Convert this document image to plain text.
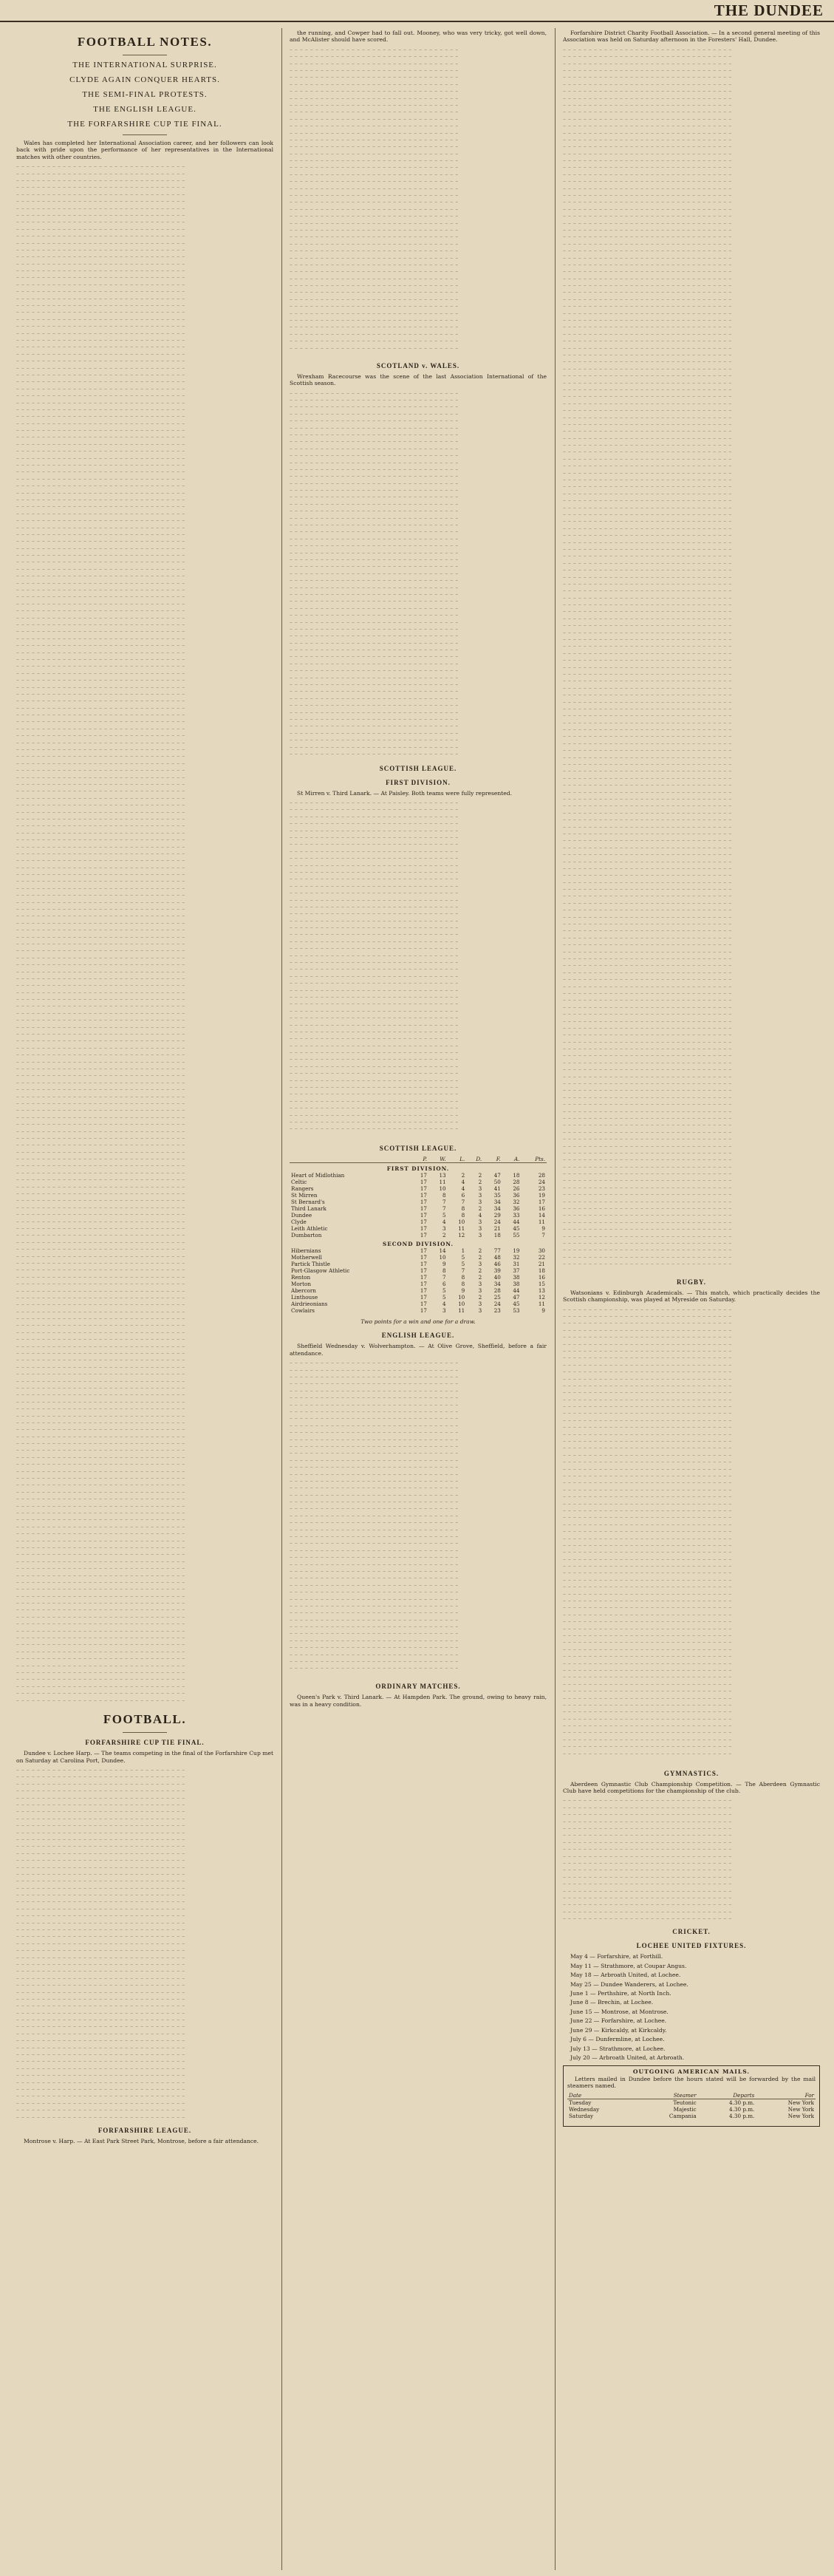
THE DUNDEE
FOOTBALL NOTES.
THE INTERNATIONAL SURPRISE.
CLYDE AGAIN CONQUER HEARTS.
THE SEMI-FINAL PROTESTS.
THE ENGLISH LEAGUE.
THE FORFARSHIRE CUP TIE FINAL.

Wales has completed her International Association career, and her followers can look back with pride upon the performance of her representatives in the International matches with other countries.

– – – – – – – – – – – – – – – – – – – – – – – – – – – – – – – – –
– – – – – – – – – – – – – – – – – – – – – – – – – – – – – – – – –
– – – – – – – – – – – – – – – – – – – – – – – – – – – – – – – – –
– – – – – – – – – – – – – – – – – – – – – – – – – – – – – – – – –
– – – – – – – – – – – – – – – – – – – – – – – – – – – – – – – – –
– – – – – – – – – – – – – – – – – – – – – – – – – – – – – – – – –
– – – – – – – – – – – – – – – – – – – – – – – – – – – – – – – – –
– – – – – – – – – – – – – – – – – – – – – – – – – – – – – – – – –
– – – – – – – – – – – – – – – – – – – – – – – – – – – – – – – – –
– – – – – – – – – – – – – – – – – – – – – – – – – – – – – – – – –
– – – – – – – – – – – – – – – – – – – – – – – – – – – – – – – – –
– – – – – – – – – – – – – – – – – – – – – – – – – – – – – – – – –
– – – – – – – – – – – – – – – – – – – – – – – – – – – – – – – – –
– – – – – – – – – – – – – – – – – – – – – – – – – – – – – – – – –
– – – – – – – – – – – – – – – – – – – – – – – – – – – – – – – – –
– – – – – – – – – – – – – – – – – – – – – – – – – – – – – – – – –
– – – – – – – – – – – – – – – – – – – – – – – – – – – – – – – – –
– – – – – – – – – – – – – – – – – – – – – – – – – – – – – – – – –
– – – – – – – – – – – – – – – – – – – – – – – – – – – – – – – – –
– – – – – – – – – – – – – – – – – – – – – – – – – – – – – – – – –
– – – – – – – – – – – – – – – – – – – – – – – – – – – – – – – – –
– – – – – – – – – – – – – – – – – – – – – – – – – – – – – – – – –
– – – – – – – – – – – – – – – – – – – – – – – – – – – – – – – – –
– – – – – – – – – – – – – – – – – – – – – – – – – – – – – – – – –
– – – – – – – – – – – – – – – – – – – – – – – – – – – – – – – – –
– – – – – – – – – – – – – – – – – – – – – – – – – – – – – – – – –
– – – – – – – – – – – – – – – – – – – – – – – – – – – – – – – – –
– – – – – – – – – – – – – – – – – – – – – – – – – – – – – – – – –
– – – – – – – – – – – – – – – – – – – – – – – – – – – – – – – – –
– – – – – – – – – – – – – – – – – – – – – – – – – – – – – – – – –
– – – – – – – – – – – – – – – – – – – – – – – – – – – – – – – – –
– – – – – – – – – – – – – – – – – – – – – – – – – – – – – – – – –
– – – – – – – – – – – – – – – – – – – – – – – – – – – – – – – – –
– – – – – – – – – – – – – – – – – – – – – – – – – – – – – – – – –
– – – – – – – – – – – – – – – – – – – – – – – – – – – – – – – – –
– – – – – – – – – – – – – – – – – – – – – – – – – – – – – – – – –
– – – – – – – – – – – – – – – – – – – – – – – – – – – – – – – – –
– – – – – – – – – – – – – – – – – – – – – – – – – – – – – – – – –
– – – – – – – – – – – – – – – – – – – – – – – – – – – – – – – – –
– – – – – – – – – – – – – – – – – – – – – – – – – – – – – – – – –
– – – – – – – – – – – – – – – – – – – – – – – – – – – – – – – – –
– – – – – – – – – – – – – – – – – – – – – – – – – – – – – – – – –
– – – – – – – – – – – – – – – – – – – – – – – – – – – – – – – – –
– – – – – – – – – – – – – – – – – – – – – – – – – – – – – – – – –
– – – – – – – – – – – – – – – – – – – – – – – – – – – – – – – – –
– – – – – – – – – – – – – – – – – – – – – – – – – – – – – – – – –
– – – – – – – – – – – – – – – – – – – – – – – – – – – – – – – – –
– – – – – – – – – – – – – – – – – – – – – – – – – – – – – – – – –
– – – – – – – – – – – – – – – – – – – – – – – – – – – – – – – – –
– – – – – – – – – – – – – – – – – – – – – – – – – – – – – – – – –
– – – – – – – – – – – – – – – – – – – – – – – – – – – – – – – – –
– – – – – – – – – – – – – – – – – – – – – – – – – – – – – – – – –
– – – – – – – – – – – – – – – – – – – – – – – – – – – – – – – – –
– – – – – – – – – – – – – – – – – – – – – – – – – – – – – – – – –
– – – – – – – – – – – – – – – – – – – – – – – – – – – – – – – – –
– – – – – – – – – – – – – – – – – – – – – – – – – – – – – – – – –
– – – – – – – – – – – – – – – – – – – – – – – – – – – – – – – – –
– – – – – – – – – – – – – – – – – – – – – – – – – – – – – – – – –
– – – – – – – – – – – – – – – – – – – – – – – – – – – – – – – – –
– – – – – – – – – – – – – – – – – – – – – – – – – – – – – – – – –
– – – – – – – – – – – – – – – – – – – – – – – – – – – – – – – – –
– – – – – – – – – – – – – – – – – – – – – – – – – – – – – – – – –
– – – – – – – – – – – – – – – – – – – – – – – – – – – – – – – – –
– – – – – – – – – – – – – – – – – – – – – – – – – – – – – – – – –
– – – – – – – – – – – – – – – – – – – – – – – – – – – – – – – – –
– – – – – – – – – – – – – – – – – – – – – – – – – – – – – – – – –
– – – – – – – – – – – – – – – – – – – – – – – – – – – – – – – – –
– – – – – – – – – – – – – – – – – – – – – – – – – – – – – – – – –
– – – – – – – – – – – – – – – – – – – – – – – – – – – – – – – – –
– – – – – – – – – – – – – – – – – – – – – – – – – – – – – – – – –
– – – – – – – – – – – – – – – – – – – – – – – – – – – – – – – – –
– – – – – – – – – – – – – – – – – – – – – – – – – – – – – – – – –
– – – – – – – – – – – – – – – – – – – – – – – – – – – – – – – – –
– – – – – – – – – – – – – – – – – – – – – – – – – – – – – – – – –
– – – – – – – – – – – – – – – – – – – – – – – – – – – – – – – – –
– – – – – – – – – – – – – – – – – – – – – – – – – – – – – – – – –
– – – – – – – – – – – – – – – – – – – – – – – – – – – – – – – – –
– – – – – – – – – – – – – – – – – – – – – – – – – – – – – – – – –
– – – – – – – – – – – – – – – – – – – – – – – – – – – – – – – – –
– – – – – – – – – – – – – – – – – – – – – – – – – – – – – – – – –
– – – – – – – – – – – – – – – – – – – – – – – – – – – – – – – – –
– – – – – – – – – – – – – – – – – – – – – – – – – – – – – – – – –
– – – – – – – – – – – – – – – – – – – – – – – – – – – – – – – – –
– – – – – – – – – – – – – – – – – – – – – – – – – – – – – – – – –
– – – – – – – – – – – – – – – – – – – – – – – – – – – – – – – – –
– – – – – – – – – – – – – – – – – – – – – – – – – – – – – – – – –
– – – – – – – – – – – – – – – – – – – – – – – – – – – – – – – – –
– – – – – – – – – – – – – – – – – – – – – – – – – – – – – – – – –
– – – – – – – – – – – – – – – – – – – – – – – – – – – – – – – – –
– – – – – – – – – – – – – – – – – – – – – – – – – – – – – – – – –
– – – – – – – – – – – – – – – – – – – – – – – – – – – – – – – – –
– – – – – – – – – – – – – – – – – – – – – – – – – – – – – – – – –
– – – – – – – – – – – – – – – – – – – – – – – – – – – – – – – – –
– – – – – – – – – – – – – – – – – – – – – – – – – – – – – – – – –
– – – – – – – – – – – – – – – – – – – – – – – – – – – – – – – – –
– – – – – – – – – – – – – – – – – – – – – – – – – – – – – – – – –
– – – – – – – – – – – – – – – – – – – – – – – – – – – – – – – – –
– – – – – – – – – – – – – – – – – – – – – – – – – – – – – – – – –
– – – – – – – – – – – – – – – – – – – – – – – – – – – – – – – – –
– – – – – – – – – – – – – – – – – – – – – – – – – – – – – – – – –
– – – – – – – – – – – – – – – – – – – – – – – – – – – – – – – – –
– – – – – – – – – – – – – – – – – – – – – – – – – – – – – – – – –
– – – – – – – – – – – – – – – – – – – – – – – – – – – – – – – – –
– – – – – – – – – – – – – – – – – – – – – – – – – – – – – – – – –
– – – – – – – – – – – – – – – – – – – – – – – – – – – – – – – – –
– – – – – – – – – – – – – – – – – – – – – – – – – – – – – – – – –
– – – – – – – – – – – – – – – – – – – – – – – – – – – – – – – – –
– – – – – – – – – – – – – – – – – – – – – – – – – – – – – – – – –
– – – – – – – – – – – – – – – – – – – – – – – – – – – – – – – – –
– – – – – – – – – – – – – – – – – – – – – – – – – – – – – – – – –
– – – – – – – – – – – – – – – – – – – – – – – – – – – – – – – – –
– – – – – – – – – – – – – – – – – – – – – – – – – – – – – – – – –
– – – – – – – – – – – – – – – – – – – – – – – – – – – – – – – – –
– – – – – – – – – – – – – – – – – – – – – – – – – – – – – – – – –
– – – – – – – – – – – – – – – – – – – – – – – – – – – – – – – – –
– – – – – – – – – – – – – – – – – – – – – – – – – – – – – – – – –
– – – – – – – – – – – – – – – – – – – – – – – – – – – – – – – – –
– – – – – – – – – – – – – – – – – – – – – – – – – – – – – – – – –
– – – – – – – – – – – – – – – – – – – – – – – – – – – – – – – – –
– – – – – – – – – – – – – – – – – – – – – – – – – – – – – – – – –
– – – – – – – – – – – – – – – – – – – – – – – – – – – – – – – – –
– – – – – – – – – – – – – – – – – – – – – – – – – – – – – – – – –
– – – – – – – – – – – – – – – – – – – – – – – – – – – – – – – – –
– – – – – – – – – – – – – – – – – – – – – – – – – – – – – – – – –
– – – – – – – – – – – – – – – – – – – – – – – – – – – – – – – – –
– – – – – – – – – – – – – – – – – – – – – – – – – – – – – – – – –
– – – – – – – – – – – – – – – – – – – – – – – – – – – – – – – – –
– – – – – – – – – – – – – – – – – – – – – – – – – – – – – – – – –
– – – – – – – – – – – – – – – – – – – – – – – – – – – – – – – – –
– – – – – – – – – – – – – – – – – – – – – – – – – – – – – – – – –
– – – – – – – – – – – – – – – – – – – – – – – – – – – – – – – – –
– – – – – – – – – – – – – – – – – – – – – – – – – – – – – – – – –
– – – – – – – – – – – – – – – – – – – – – – – – – – – – – – – – –
– – – – – – – – – – – – – – – – – – – – – – – – – – – – – – – – –
– – – – – – – – – – – – – – – – – – – – – – – – – – – – – – – – –
– – – – – – – – – – – – – – – – – – – – – – – – – – – – – – – – –
– – – – – – – – – – – – – – – – – – – – – – – – – – – – – – – – –
– – – – – – – – – – – – – – – – – – – – – – – – – – – – – – – – –
– – – – – – – – – – – – – – – – – – – – – – – – – – – – – – – – –
– – – – – – – – – – – – – – – – – – – – – – – – – – – – – – – – –
– – – – – – – – – – – – – – – – – – – – – – – – – – – – – – – – –
– – – – – – – – – – – – – – – – – – – – – – – – – – – – – – – – –
– – – – – – – – – – – – – – – – – – – – – – – – – – – – – – – – –
– – – – – – – – – – – – – – – – – – – – – – – – – – – – – – – – –
– – – – – – – – – – – – – – – – – – – – – – – – – – – – – – – – –
– – – – – – – – – – – – – – – – – – – – – – – – – – – – – – – – –
– – – – – – – – – – – – – – – – – – – – – – – – – – – – – – – – –
– – – – – – – – – – – – – – – – – – – – – – – – – – – – – – – – –
– – – – – – – – – – – – – – – – – – – – – – – – – – – – – – – – –
– – – – – – – – – – – – – – – – – – – – – – – – – – – – – – – – –
– – – – – – – – – – – – – – – – – – – – – – – – – – – – – – – – –
– – – – – – – – – – – – – – – – – – – – – – – – – – – – – – – – –
– – – – – – – – – – – – – – – – – – – – – – – – – – – – – – – – –
– – – – – – – – – – – – – – – – – – – – – – – – – – – – – – – – –
– – – – – – – – – – – – – – – – – – – – – – – – – – – – – – – – –
– – – – – – – – – – – – – – – – – – – – – – – – – – – – – – – – –
– – – – – – – – – – – – – – – – – – – – – – – – – – – – – – – – –
– – – – – – – – – – – – – – – – – – – – – – – – – – – – – – – – –
– – – – – – – – – – – – – – – – – – – – – – – – – – – – – – – – –
– – – – – – – – – – – – – – – – – – – – – – – – – – – – – – – – –
– – – – – – – – – – – – – – – – – – – – – – – – – – – – – – – – –
– – – – – – – – – – – – – – – – – – – – – – – – – – – – – – – – –
– – – – – – – – – – – – – – – – – – – – – – – – – – – – – – – – –
– – – – – – – – – – – – – – – – – – – – – – – – – – – – – – – – –
– – – – – – – – – – – – – – – – – – – – – – – – – – – – – – – – –
– – – – – – – – – – – – – – – – – – – – – – – – – – – – – – – – –
– – – – – – – – – – – – – – – – – – – – – – – – – – – – – – – – –
– – – – – – – – – – – – – – – – – – – – – – – – – – – – – – – – –
– – – – – – – – – – – – – – – – – – – – – – – – – – – – – – – – –
– – – – – – – – – – – – – – – – – – – – – – – – – – – – – – – – –
– – – – – – – – – – – – – – – – – – – – – – – – – – – – – – – – –
– – – – – – – – – – – – – – – – – – – – – – – – – – – – – – – – –
– – – – – – – – – – – – – – – – – – – – – – – – – – – – – – – – –
– – – – – – – – – – – – – – – – – – – – – – – – – – – – – – – – –
– – – – – – – – – – – – – – – – – – – – – – – – – – – – – – – – –
– – – – – – – – – – – – – – – – – – – – – – – – – – – – – – – – –
– – – – – – – – – – – – – – – – – – – – – – – – – – – – – – – – –
– – – – – – – – – – – – – – – – – – – – – – – – – – – – – – – – –
– – – – – – – – – – – – – – – – – – – – – – – – – – – – – – – – –
– – – – – – – – – – – – – – – – – – – – – – – – – – – – – – – – –
– – – – – – – – – – – – – – – – – – – – – – – – – – – – – – – – –
– – – – – – – – – – – – – – – – – – – – – – – – – – – – – – – – –
– – – – – – – – – – – – – – – – – – – – – – – – – – – – – – – – –
– – – – – – – – – – – – – – – – – – – – – – – – – – – – – – – – –
– – – – – – – – – – – – – – – – – – – – – – – – – – – – – – – – –
– – – – – – – – – – – – – – – – – – – – – – – – – – – – – – – – –
– – – – – – – – – – – – – – – – – – – – – – – – – – – – – – – – –
– – – – – – – – – – – – – – – – – – – – – – – – – – – – – – – – –
– – – – – – – – – – – – – – – – – – – – – – – – – – – – – – – – –
– – – – – – – – – – – – – – – – – – – – – – – – – – – – – – – – –
– – – – – – – – – – – – – – – – – – – – – – – – – – – – – – – – –
– – – – – – – – – – – – – – – – – – – – – – – – – – – – – – – – –
– – – – – – – – – – – – – – – – – – – – – – – – – – – – – – – – –
– – – – – – – – – – – – – – – – – – – – – – – – – – – – – – – – –
– – – – – – – – – – – – – – – – – – – – – – – – – – – – – – – – –
– – – – – – – – – – – – – – – – – – – – – – – – – – – – – – – – –
– – – – – – – – – – – – – – – – – – – – – – – – – – – – – – – – –
– – – – – – – – – – – – – – – – – – – – – – – – – – – – – – – – –
– – – – – – – – – – – – – – – – – – – – – – – – – – – – – – – – –
– – – – – – – – – – – – – – – – – – – – – – – – – – – – – – – – –
– – – – – – – – – – – – – – – – – – – – – – – – – – – – – – – – –
– – – – – – – – – – – – – – – – – – – – – – – – – – – – – – – – –
– – – – – – – – – – – – – – – – – – – – – – – – – – – – – – – – –
– – – – – – – – – – – – – – – – – – – – – – – – – – – – – – – – –
– – – – – – – – – – – – – – – – – – – – – – – – – – – – – – – – –
– – – – – – – – – – – – – – – – – – – – – – – – – – – – – – – – –
– – – – – – – – – – – – – – – – – – – – – – – – – – – – – – – – –
– – – – – – – – – – – – – – – – – – – – – – – – – – – – – – – – –
– – – – – – – – – – – – – – – – – – – – – – – – – – – – – – – – –
– – – – – – – – – – – – – – – – – – – – – – – – – – – – – – – – –
– – – – – – – – – – – – – – – – – – – – – – – – – – – – – – – – –
– – – – – – – – – – – – – – – – – – – – – – – – – – – – – – – – –
– – – – – – – – – – – – – – – – – – – – – – – – – – – – – – – – –
– – – – – – – – – – – – – – – – – – – – – – – – – – – – – – – – –
– – – – – – – – – – – – – – – – – – – – – – – – – – – – – – – – –
– – – – – – – – – – – – – – – – – – – – – – – – – – – – – – – – –
– – – – – – – – – – – – – – – – – – – – – – – – – – – – – – – – –
– – – – – – – – – – – – – – – – – – – – – – – – – – – – – – – – –
– – – – – – – – – – – – – – – – – – – – – – – – – – – – – – – – –
– – – – – – – – – – – – – – – – – – – – – – – – – – – – – – – – –
– – – – – – – – – – – – – – – – – – – – – – – – – – – – – – – – –
– – – – – – – – – – – – – – – – – – – – – – – – – – – – – – – – –
FOOTBALL.
FORFARSHIRE CUP TIE FINAL.

Dundee v. Lochee Harp. — The teams competing in the final of the Forfarshire Cup met on Saturday at Carolina Port, Dundee.

– – – – – – – – – – – – – – – – – – – – – – – – – – – – – – – – –
– – – – – – – – – – – – – – – – – – – – – – – – – – – – – – – – –
– – – – – – – – – – – – – – – – – – – – – – – – – – – – – – – – –
– – – – – – – – – – – – – – – – – – – – – – – – – – – – – – – – –
– – – – – – – – – – – – – – – – – – – – – – – – – – – – – – – – –
– – – – – – – – – – – – – – – – – – – – – – – – – – – – – – – – –
– – – – – – – – – – – – – – – – – – – – – – – – – – – – – – – – –
– – – – – – – – – – – – – – – – – – – – – – – – – – – – – – – – –
– – – – – – – – – – – – – – – – – – – – – – – – – – – – – – – – –
– – – – – – – – – – – – – – – – – – – – – – – – – – – – – – – – –
– – – – – – – – – – – – – – – – – – – – – – – – – – – – – – – – –
– – – – – – – – – – – – – – – – – – – – – – – – – – – – – – – – –
– – – – – – – – – – – – – – – – – – – – – – – – – – – – – – – – –
– – – – – – – – – – – – – – – – – – – – – – – – – – – – – – – – –
– – – – – – – – – – – – – – – – – – – – – – – – – – – – – – – – –
– – – – – – – – – – – – – – – – – – – – – – – – – – – – – – – – –
– – – – – – – – – – – – – – – – – – – – – – – – – – – – – – – – –
– – – – – – – – – – – – – – – – – – – – – – – – – – – – – – – – –
– – – – – – – – – – – – – – – – – – – – – – – – – – – – – – – – –
– – – – – – – – – – – – – – – – – – – – – – – – – – – – – – – – –
– – – – – – – – – – – – – – – – – – – – – – – – – – – – – – – – –
– – – – – – – – – – – – – – – – – – – – – – – – – – – – – – – – –
– – – – – – – – – – – – – – – – – – – – – – – – – – – – – – – – –
– – – – – – – – – – – – – – – – – – – – – – – – – – – – – – – – –
– – – – – – – – – – – – – – – – – – – – – – – – – – – – – – – – –
– – – – – – – – – – – – – – – – – – – – – – – – – – – – – – – – –
– – – – – – – – – – – – – – – – – – – – – – – – – – – – – – – – –
– – – – – – – – – – – – – – – – – – – – – – – – – – – – – – – – –
– – – – – – – – – – – – – – – – – – – – – – – – – – – – – – – – –
– – – – – – – – – – – – – – – – – – – – – – – – – – – – – – – – –
– – – – – – – – – – – – – – – – – – – – – – – – – – – – – – – – –
– – – – – – – – – – – – – – – – – – – – – – – – – – – – – – – – –
– – – – – – – – – – – – – – – – – – – – – – – – – – – – – – – – –
– – – – – – – – – – – – – – – – – – – – – – – – – – – – – – – – –
– – – – – – – – – – – – – – – – – – – – – – – – – – – – – – – – –
– – – – – – – – – – – – – – – – – – – – – – – – – – – – – – – – –
– – – – – – – – – – – – – – – – – – – – – – – – – – – – – – – – –
– – – – – – – – – – – – – – – – – – – – – – – – – – – – – – – – –
– – – – – – – – – – – – – – – – – – – – – – – – – – – – – – – – –
– – – – – – – – – – – – – – – – – – – – – – – – – – – – – – – – –
– – – – – – – – – – – – – – – – – – – – – – – – – – – – – – – – –
– – – – – – – – – – – – – – – – – – – – – – – – – – – – – – – – –
– – – – – – – – – – – – – – – – – – – – – – – – – – – – – – – – –
– – – – – – – – – – – – – – – – – – – – – – – – – – – – – – – – –
– – – – – – – – – – – – – – – – – – – – – – – – – – – – – – – – –
– – – – – – – – – – – – – – – – – – – – – – – – – – – – – – – – –
– – – – – – – – – – – – – – – – – – – – – – – – – – – – – – – – –
– – – – – – – – – – – – – – – – – – – – – – – – – – – – – – – – –
– – – – – – – – – – – – – – – – – – – – – – – – – – – – – – – – –
– – – – – – – – – – – – – – – – – – – – – – – – – – – – – – – – –
– – – – – – – – – – – – – – – – – – – – – – – – – – – – – – – – –
FORFARSHIRE LEAGUE.

Montrose v. Harp. — At East Park Street Park, Montrose, before a fair attendance.

the running, and Cowper had to fall out. Mooney, who was very tricky, got well down, and McAlister should have scored.

– – – – – – – – – – – – – – – – – – – – – – – – – – – – – – – – –
– – – – – – – – – – – – – – – – – – – – – – – – – – – – – – – – –
– – – – – – – – – – – – – – – – – – – – – – – – – – – – – – – – –
– – – – – – – – – – – – – – – – – – – – – – – – – – – – – – – – –
– – – – – – – – – – – – – – – – – – – – – – – – – – – – – – – – –
– – – – – – – – – – – – – – – – – – – – – – – – – – – – – – – – –
– – – – – – – – – – – – – – – – – – – – – – – – – – – – – – – – –
– – – – – – – – – – – – – – – – – – – – – – – – – – – – – – – – –
– – – – – – – – – – – – – – – – – – – – – – – – – – – – – – – – –
– – – – – – – – – – – – – – – – – – – – – – – – – – – – – – – – –
– – – – – – – – – – – – – – – – – – – – – – – – – – – – – – – – –
– – – – – – – – – – – – – – – – – – – – – – – – – – – – – – – – –
– – – – – – – – – – – – – – – – – – – – – – – – – – – – – – – – –
– – – – – – – – – – – – – – – – – – – – – – – – – – – – – – – – –
– – – – – – – – – – – – – – – – – – – – – – – – – – – – – – – – –
– – – – – – – – – – – – – – – – – – – – – – – – – – – – – – – – –
– – – – – – – – – – – – – – – – – – – – – – – – – – – – – – – – –
– – – – – – – – – – – – – – – – – – – – – – – – – – – – – – – – –
– – – – – – – – – – – – – – – – – – – – – – – – – – – – – – – – –
– – – – – – – – – – – – – – – – – – – – – – – – – – – – – – – – –
– – – – – – – – – – – – – – – – – – – – – – – – – – – – – – – – –
– – – – – – – – – – – – – – – – – – – – – – – – – – – – – – – – –
– – – – – – – – – – – – – – – – – – – – – – – – – – – – – – – – –
– – – – – – – – – – – – – – – – – – – – – – – – – – – – – – – – –
– – – – – – – – – – – – – – – – – – – – – – – – – – – – – – – – –
– – – – – – – – – – – – – – – – – – – – – – – – – – – – – – – – –
– – – – – – – – – – – – – – – – – – – – – – – – – – – – – – – – –
– – – – – – – – – – – – – – – – – – – – – – – – – – – – – – – – –
– – – – – – – – – – – – – – – – – – – – – – – – – – – – – – – – –
– – – – – – – – – – – – – – – – – – – – – – – – – – – – – – – – –
– – – – – – – – – – – – – – – – – – – – – – – – – – – – – – – – –
– – – – – – – – – – – – – – – – – – – – – – – – – – – – – – – – –
– – – – – – – – – – – – – – – – – – – – – – – – – – – – – – – – –
– – – – – – – – – – – – – – – – – – – – – – – – – – – – – – – – –
– – – – – – – – – – – – – – – – – – – – – – – – – – – – – – – – –
– – – – – – – – – – – – – – – – – – – – – – – – – – – – – – – – –
– – – – – – – – – – – – – – – – – – – – – – – – – – – – – – – – –
– – – – – – – – – – – – – – – – – – – – – – – – – – – – – – – – –
– – – – – – – – – – – – – – – – – – – – – – – – – – – – – – – – –
– – – – – – – – – – – – – – – – – – – – – – – – – – – – – – – – –
– – – – – – – – – – – – – – – – – – – – – – – – – – – – – – – – –
– – – – – – – – – – – – – – – – – – – – – – – – – – – – – – – – –
– – – – – – – – – – – – – – – – – – – – – – – – – – – – – – – – –
– – – – – – – – – – – – – – – – – – – – – – – – – – – – – – – – –
SCOTLAND v. WALES.

Wrexham Racecourse was the scene of the last Association International of the Scottish season.

– – – – – – – – – – – – – – – – – – – – – – – – – – – – – – – – –
– – – – – – – – – – – – – – – – – – – – – – – – – – – – – – – – –
– – – – – – – – – – – – – – – – – – – – – – – – – – – – – – – – –
– – – – – – – – – – – – – – – – – – – – – – – – – – – – – – – – –
– – – – – – – – – – – – – – – – – – – – – – – – – – – – – – – – –
– – – – – – – – – – – – – – – – – – – – – – – – – – – – – – – – –
– – – – – – – – – – – – – – – – – – – – – – – – – – – – – – – – –
– – – – – – – – – – – – – – – – – – – – – – – – – – – – – – – – –
– – – – – – – – – – – – – – – – – – – – – – – – – – – – – – – – –
– – – – – – – – – – – – – – – – – – – – – – – – – – – – – – – – –
– – – – – – – – – – – – – – – – – – – – – – – – – – – – – – – – –
– – – – – – – – – – – – – – – – – – – – – – – – – – – – – – – – –
– – – – – – – – – – – – – – – – – – – – – – – – – – – – – – – – –
– – – – – – – – – – – – – – – – – – – – – – – – – – – – – – – – –
– – – – – – – – – – – – – – – – – – – – – – – – – – – – – – – – –
– – – – – – – – – – – – – – – – – – – – – – – – – – – – – – – – –
– – – – – – – – – – – – – – – – – – – – – – – – – – – – – – – – –
– – – – – – – – – – – – – – – – – – – – – – – – – – – – – – – – –
– – – – – – – – – – – – – – – – – – – – – – – – – – – – – – – – –
– – – – – – – – – – – – – – – – – – – – – – – – – – – – – – – – –
– – – – – – – – – – – – – – – – – – – – – – – – – – – – – – – – –
– – – – – – – – – – – – – – – – – – – – – – – – – – – – – – – – –
– – – – – – – – – – – – – – – – – – – – – – – – – – – – – – – – –
– – – – – – – – – – – – – – – – – – – – – – – – – – – – – – – – –
– – – – – – – – – – – – – – – – – – – – – – – – – – – – – – – – –
– – – – – – – – – – – – – – – – – – – – – – – – – – – – – – – – –
– – – – – – – – – – – – – – – – – – – – – – – – – – – – – – – – –
– – – – – – – – – – – – – – – – – – – – – – – – – – – – – – – – –
– – – – – – – – – – – – – – – – – – – – – – – – – – – – – – – – –
– – – – – – – – – – – – – – – – – – – – – – – – – – – – – – – – –
– – – – – – – – – – – – – – – – – – – – – – – – – – – – – – – – –
– – – – – – – – – – – – – – – – – – – – – – – – – – – – – – – – –
– – – – – – – – – – – – – – – – – – – – – – – – – – – – – – – – –
– – – – – – – – – – – – – – – – – – – – – – – – – – – – – – – – –
– – – – – – – – – – – – – – – – – – – – – – – – – – – – – – – – –
– – – – – – – – – – – – – – – – – – – – – – – – – – – – – – – – –
– – – – – – – – – – – – – – – – – – – – – – – – – – – – – – – – –
– – – – – – – – – – – – – – – – – – – – – – – – – – – – – – – – –
– – – – – – – – – – – – – – – – – – – – – – – – – – – – – – – – –
– – – – – – – – – – – – – – – – – – – – – – – – – – – – – – – – –
– – – – – – – – – – – – – – – – – – – – – – – – – – – – – – – – –
– – – – – – – – – – – – – – – – – – – – – – – – – – – – – – – – –
– – – – – – – – – – – – – – – – – – – – – – – – – – – – – – – – –
– – – – – – – – – – – – – – – – – – – – – – – – – – – – – – – – –
– – – – – – – – – – – – – – – – – – – – – – – – – – – – – – – – –
– – – – – – – – – – – – – – – – – – – – – – – – – – – – – – – – –
– – – – – – – – – – – – – – – – – – – – – – – – – – – – – – – – –
– – – – – – – – – – – – – – – – – – – – – – – – – – – – – – – – –
– – – – – – – – – – – – – – – – – – – – – – – – – – – – – – – – –
– – – – – – – – – – – – – – – – – – – – – – – – – – – – – – – – –
– – – – – – – – – – – – – – – – – – – – – – – – – – – – – – – – –
– – – – – – – – – – – – – – – – – – – – – – – – – – – – – – – – –
– – – – – – – – – – – – – – – – – – – – – – – – – – – – – – – – –
SCOTTISH LEAGUE.
FIRST DIVISION.

St Mirren v. Third Lanark. — At Paisley. Both teams were fully represented.

– – – – – – – – – – – – – – – – – – – – – – – – – – – – – – – – –
– – – – – – – – – – – – – – – – – – – – – – – – – – – – – – – – –
– – – – – – – – – – – – – – – – – – – – – – – – – – – – – – – – –
– – – – – – – – – – – – – – – – – – – – – – – – – – – – – – – – –
– – – – – – – – – – – – – – – – – – – – – – – – – – – – – – – – –
– – – – – – – – – – – – – – – – – – – – – – – – – – – – – – – – –
– – – – – – – – – – – – – – – – – – – – – – – – – – – – – – – – –
– – – – – – – – – – – – – – – – – – – – – – – – – – – – – – – – –
– – – – – – – – – – – – – – – – – – – – – – – – – – – – – – – – –
– – – – – – – – – – – – – – – – – – – – – – – – – – – – – – – – –
– – – – – – – – – – – – – – – – – – – – – – – – – – – – – – – – –
– – – – – – – – – – – – – – – – – – – – – – – – – – – – – – – – –
– – – – – – – – – – – – – – – – – – – – – – – – – – – – – – – – –
– – – – – – – – – – – – – – – – – – – – – – – – – – – – – – – – –
– – – – – – – – – – – – – – – – – – – – – – – – – – – – – – – – –
– – – – – – – – – – – – – – – – – – – – – – – – – – – – – – – – –
– – – – – – – – – – – – – – – – – – – – – – – – – – – – – – – – –
– – – – – – – – – – – – – – – – – – – – – – – – – – – – – – – – –
– – – – – – – – – – – – – – – – – – – – – – – – – – – – – – – – –
– – – – – – – – – – – – – – – – – – – – – – – – – – – – – – – – –
– – – – – – – – – – – – – – – – – – – – – – – – – – – – – – – – –
– – – – – – – – – – – – – – – – – – – – – – – – – – – – – – – – –
– – – – – – – – – – – – – – – – – – – – – – – – – – – – – – – – –
– – – – – – – – – – – – – – – – – – – – – – – – – – – – – – – – –
– – – – – – – – – – – – – – – – – – – – – – – – – – – – – – – – –
– – – – – – – – – – – – – – – – – – – – – – – – – – – – – – – – –
– – – – – – – – – – – – – – – – – – – – – – – – – – – – – – – – –
– – – – – – – – – – – – – – – – – – – – – – – – – – – – – – – – –
– – – – – – – – – – – – – – – – – – – – – – – – – – – – – – – – –
– – – – – – – – – – – – – – – – – – – – – – – – – – – – – – – – –
– – – – – – – – – – – – – – – – – – – – – – – – – – – – – – – – –
– – – – – – – – – – – – – – – – – – – – – – – – – – – – – – – – –
– – – – – – – – – – – – – – – – – – – – – – – – – – – – – – – – –
– – – – – – – – – – – – – – – – – – – – – – – – – – – – – – – – –
– – – – – – – – – – – – – – – – – – – – – – – – – – – – – – – – –
– – – – – – – – – – – – – – – – – – – – – – – – – – – – – – – – –
– – – – – – – – – – – – – – – – – – – – – – – – – – – – – – – – –
– – – – – – – – – – – – – – – – – – – – – – – – – – – – – – – – –
– – – – – – – – – – – – – – – – – – – – – – – – – – – – – – – – –
– – – – – – – – – – – – – – – – – – – – – – – – – – – – – – – – –
– – – – – – – – – – – – – – – – – – – – – – – – – – – – – – – – –
– – – – – – – – – – – – – – – – – – – – – – – – – – – – – – – – –
– – – – – – – – – – – – – – – – – – – – – – – – – – – – – – – – –
– – – – – – – – – – – – – – – – – – – – – – – – – – – – – – – – –
– – – – – – – – – – – – – – – – – – – – – – – – – – – – – – – – –
– – – – – – – – – – – – – – – – – – – – – – – – – – – – – – – – –
– – – – – – – – – – – – – – – – – – – – – – – – – – – – – – – – –
– – – – – – – – – – – – – – – – – – – – – – – – – – – – – – – – –
SCOTTISH LEAGUE.
	P.	W.	L.	D.	F.	A.	Pts.
FIRST DIVISION.							
Heart of Midlothian	17	13	2	2	47	18	28
Celtic	17	11	4	2	50	28	24
Rangers	17	10	4	3	41	26	23
St Mirren	17	8	6	3	35	36	19
St Bernard's	17	7	7	3	34	32	17
Third Lanark	17	7	8	2	34	36	16
Dundee	17	5	8	4	29	33	14
Clyde	17	4	10	3	24	44	11
Leith Athletic	17	3	11	3	21	45	9
Dumbarton	17	2	12	3	18	55	7
SECOND DIVISION.							
Hibernians	17	14	1	2	77	19	30
Motherwell	17	10	5	2	48	32	22
Partick Thistle	17	9	5	3	46	31	21
Port-Glasgow Athletic	17	8	7	2	39	37	18
Renton	17	7	8	2	40	38	16
Morton	17	6	8	3	34	38	15
Abercorn	17	5	9	3	28	44	13
Linthouse	17	5	10	2	25	47	12
Airdrieonians	17	4	10	3	24	45	11
Cowlairs	17	3	11	3	23	53	9
Two points for a win and one for a draw.
ENGLISH LEAGUE.

Sheffield Wednesday v. Wolverhampton. — At Olive Grove, Sheffield, before a fair attendance.

– – – – – – – – – – – – – – – – – – – – – – – – – – – – – – – – –
– – – – – – – – – – – – – – – – – – – – – – – – – – – – – – – – –
– – – – – – – – – – – – – – – – – – – – – – – – – – – – – – – – –
– – – – – – – – – – – – – – – – – – – – – – – – – – – – – – – – –
– – – – – – – – – – – – – – – – – – – – – – – – – – – – – – – – –
– – – – – – – – – – – – – – – – – – – – – – – – – – – – – – – – –
– – – – – – – – – – – – – – – – – – – – – – – – – – – – – – – – –
– – – – – – – – – – – – – – – – – – – – – – – – – – – – – – – – –
– – – – – – – – – – – – – – – – – – – – – – – – – – – – – – – – –
– – – – – – – – – – – – – – – – – – – – – – – – – – – – – – – – –
– – – – – – – – – – – – – – – – – – – – – – – – – – – – – – – – –
– – – – – – – – – – – – – – – – – – – – – – – – – – – – – – – – –
– – – – – – – – – – – – – – – – – – – – – – – – – – – – – – – – –
– – – – – – – – – – – – – – – – – – – – – – – – – – – – – – – – –
– – – – – – – – – – – – – – – – – – – – – – – – – – – – – – – – –
– – – – – – – – – – – – – – – – – – – – – – – – – – – – – – – – –
– – – – – – – – – – – – – – – – – – – – – – – – – – – – – – – – –
– – – – – – – – – – – – – – – – – – – – – – – – – – – – – – – – –
– – – – – – – – – – – – – – – – – – – – – – – – – – – – – – – – –
– – – – – – – – – – – – – – – – – – – – – – – – – – – – – – – – –
– – – – – – – – – – – – – – – – – – – – – – – – – – – – – – – – –
– – – – – – – – – – – – – – – – – – – – – – – – – – – – – – – – –
– – – – – – – – – – – – – – – – – – – – – – – – – – – – – – – – –
– – – – – – – – – – – – – – – – – – – – – – – – – – – – – – – – –
– – – – – – – – – – – – – – – – – – – – – – – – – – – – – – – – –
– – – – – – – – – – – – – – – – – – – – – – – – – – – – – – – – –
– – – – – – – – – – – – – – – – – – – – – – – – – – – – – – – – –
– – – – – – – – – – – – – – – – – – – – – – – – – – – – – – – – –
– – – – – – – – – – – – – – – – – – – – – – – – – – – – – – – – –
– – – – – – – – – – – – – – – – – – – – – – – – – – – – – – – – –
– – – – – – – – – – – – – – – – – – – – – – – – – – – – – – – – –
– – – – – – – – – – – – – – – – – – – – – – – – – – – – – – – – –
– – – – – – – – – – – – – – – – – – – – – – – – – – – – – – – – –
– – – – – – – – – – – – – – – – – – – – – – – – – – – – – – – – –
– – – – – – – – – – – – – – – – – – – – – – – – – – – – – – – – –
– – – – – – – – – – – – – – – – – – – – – – – – – – – – – – – – –
– – – – – – – – – – – – – – – – – – – – – – – – – – – – – – – – –
– – – – – – – – – – – – – – – – – – – – – – – – – – – – – – – – –
– – – – – – – – – – – – – – – – – – – – – – – – – – – – – – – – –
– – – – – – – – – – – – – – – – – – – – – – – – – – – – – – – – –
– – – – – – – – – – – – – – – – – – – – – – – – – – – – – – – – –
– – – – – – – – – – – – – – – – – – – – – – – – – – – – – – – – –
– – – – – – – – – – – – – – – – – – – – – – – – – – – – – – – – –
– – – – – – – – – – – – – – – – – – – – – – – – – – – – – – – – –
– – – – – – – – – – – – – – – – – – – – – – – – – – – – – – – – –
ORDINARY MATCHES.

Queen's Park v. Third Lanark. — At Hampden Park. The ground, owing to heavy rain, was in a heavy condition.

Forfarshire District Charity Football Association. — In a second general meeting of this Association was held on Saturday afternoon in the Foresters' Hall, Dundee.

– – – – – – – – – – – – – – – – – – – – – – – – – – – – – – – – –
– – – – – – – – – – – – – – – – – – – – – – – – – – – – – – – – –
– – – – – – – – – – – – – – – – – – – – – – – – – – – – – – – – –
– – – – – – – – – – – – – – – – – – – – – – – – – – – – – – – – –
– – – – – – – – – – – – – – – – – – – – – – – – – – – – – – – – –
– – – – – – – – – – – – – – – – – – – – – – – – – – – – – – – – –
– – – – – – – – – – – – – – – – – – – – – – – – – – – – – – – – –
– – – – – – – – – – – – – – – – – – – – – – – – – – – – – – – – –
– – – – – – – – – – – – – – – – – – – – – – – – – – – – – – – – –
– – – – – – – – – – – – – – – – – – – – – – – – – – – – – – – – –
– – – – – – – – – – – – – – – – – – – – – – – – – – – – – – – – –
– – – – – – – – – – – – – – – – – – – – – – – – – – – – – – – – –
– – – – – – – – – – – – – – – – – – – – – – – – – – – – – – – – –
– – – – – – – – – – – – – – – – – – – – – – – – – – – – – – – – –
– – – – – – – – – – – – – – – – – – – – – – – – – – – – – – – – –
– – – – – – – – – – – – – – – – – – – – – – – – – – – – – – – – –
– – – – – – – – – – – – – – – – – – – – – – – – – – – – – – – – –
– – – – – – – – – – – – – – – – – – – – – – – – – – – – – – – – –
– – – – – – – – – – – – – – – – – – – – – – – – – – – – – – – – –
– – – – – – – – – – – – – – – – – – – – – – – – – – – – – – – – –
– – – – – – – – – – – – – – – – – – – – – – – – – – – – – – – – –
– – – – – – – – – – – – – – – – – – – – – – – – – – – – – – – – –
– – – – – – – – – – – – – – – – – – – – – – – – – – – – – – – – –
– – – – – – – – – – – – – – – – – – – – – – – – – – – – – – – – –
– – – – – – – – – – – – – – – – – – – – – – – – – – – – – – – – –
– – – – – – – – – – – – – – – – – – – – – – – – – – – – – – – – –
– – – – – – – – – – – – – – – – – – – – – – – – – – – – – – – – –
– – – – – – – – – – – – – – – – – – – – – – – – – – – – – – – – –
– – – – – – – – – – – – – – – – – – – – – – – – – – – – – – – – –
– – – – – – – – – – – – – – – – – – – – – – – – – – – – – – – – –
– – – – – – – – – – – – – – – – – – – – – – – – – – – – – – – – –
– – – – – – – – – – – – – – – – – – – – – – – – – – – – – – – – –
– – – – – – – – – – – – – – – – – – – – – – – – – – – – – – – – –
– – – – – – – – – – – – – – – – – – – – – – – – – – – – – – – – –
– – – – – – – – – – – – – – – – – – – – – – – – – – – – – – – – –
– – – – – – – – – – – – – – – – – – – – – – – – – – – – – – – – –
– – – – – – – – – – – – – – – – – – – – – – – – – – – – – – – – –
– – – – – – – – – – – – – – – – – – – – – – – – – – – – – – – – –
– – – – – – – – – – – – – – – – – – – – – – – – – – – – – – – – –
– – – – – – – – – – – – – – – – – – – – – – – – – – – – – – – – –
– – – – – – – – – – – – – – – – – – – – – – – – – – – – – – – – –
– – – – – – – – – – – – – – – – – – – – – – – – – – – – – – – – –
– – – – – – – – – – – – – – – – – – – – – – – – – – – – – – – – –
– – – – – – – – – – – – – – – – – – – – – – – – – – – – – – – – –
– – – – – – – – – – – – – – – – – – – – – – – – – – – – – – – – –
– – – – – – – – – – – – – – – – – – – – – – – – – – – – – – – – –
– – – – – – – – – – – – – – – – – – – – – – – – – – – – – – – – –
– – – – – – – – – – – – – – – – – – – – – – – – – – – – – – – – –
– – – – – – – – – – – – – – – – – – – – – – – – – – – – – – – – –
– – – – – – – – – – – – – – – – – – – – – – – – – – – – – – – – –
– – – – – – – – – – – – – – – – – – – – – – – – – – – – – – – – –
– – – – – – – – – – – – – – – – – – – – – – – – – – – – – – – – –
– – – – – – – – – – – – – – – – – – – – – – – – – – – – – – – – –
– – – – – – – – – – – – – – – – – – – – – – – – – – – – – – – – –
– – – – – – – – – – – – – – – – – – – – – – – – – – – – – – – – –
– – – – – – – – – – – – – – – – – – – – – – – – – – – – – – – – –
– – – – – – – – – – – – – – – – – – – – – – – – – – – – – – – – –
– – – – – – – – – – – – – – – – – – – – – – – – – – – – – – – – –
– – – – – – – – – – – – – – – – – – – – – – – – – – – – – – – – –
– – – – – – – – – – – – – – – – – – – – – – – – – – – – – – – – –
– – – – – – – – – – – – – – – – – – – – – – – – – – – – – – – – –
– – – – – – – – – – – – – – – – – – – – – – – – – – – – – – – – –
– – – – – – – – – – – – – – – – – – – – – – – – – – – – – – – – –
– – – – – – – – – – – – – – – – – – – – – – – – – – – – – – – – –
– – – – – – – – – – – – – – – – – – – – – – – – – – – – – – – – –
– – – – – – – – – – – – – – – – – – – – – – – – – – – – – – – – –
– – – – – – – – – – – – – – – – – – – – – – – – – – – – – – – – –
– – – – – – – – – – – – – – – – – – – – – – – – – – – – – – – – –
– – – – – – – – – – – – – – – – – – – – – – – – – – – – – – – – –
– – – – – – – – – – – – – – – – – – – – – – – – – – – – – – – – –
– – – – – – – – – – – – – – – – – – – – – – – – – – – – – – – – –
– – – – – – – – – – – – – – – – – – – – – – – – – – – – – – – – –
– – – – – – – – – – – – – – – – – – – – – – – – – – – – – – – – –
– – – – – – – – – – – – – – – – – – – – – – – – – – – – – – – – –
– – – – – – – – – – – – – – – – – – – – – – – – – – – – – – – – –
– – – – – – – – – – – – – – – – – – – – – – – – – – – – – – – – –
– – – – – – – – – – – – – – – – – – – – – – – – – – – – – – – – –
– – – – – – – – – – – – – – – – – – – – – – – – – – – – – – – – –
– – – – – – – – – – – – – – – – – – – – – – – – – – – – – – – – –
– – – – – – – – – – – – – – – – – – – – – – – – – – – – – – – – –
– – – – – – – – – – – – – – – – – – – – – – – – – – – – – – – – –
– – – – – – – – – – – – – – – – – – – – – – – – – – – – – – – – –
– – – – – – – – – – – – – – – – – – – – – – – – – – – – – – – – –
– – – – – – – – – – – – – – – – – – – – – – – – – – – – – – – – –
– – – – – – – – – – – – – – – – – – – – – – – – – – – – – – – – –
– – – – – – – – – – – – – – – – – – – – – – – – – – – – – – – – –
– – – – – – – – – – – – – – – – – – – – – – – – – – – – – – – – –
– – – – – – – – – – – – – – – – – – – – – – – – – – – – – – – – –
– – – – – – – – – – – – – – – – – – – – – – – – – – – – – – – – –
– – – – – – – – – – – – – – – – – – – – – – – – – – – – – – – – –
– – – – – – – – – – – – – – – – – – – – – – – – – – – – – – – – –
– – – – – – – – – – – – – – – – – – – – – – – – – – – – – – – – –
– – – – – – – – – – – – – – – – – – – – – – – – – – – – – – – – –
– – – – – – – – – – – – – – – – – – – – – – – – – – – – – – – – –
– – – – – – – – – – – – – – – – – – – – – – – – – – – – – – – – –
– – – – – – – – – – – – – – – – – – – – – – – – – – – – – – – – –
– – – – – – – – – – – – – – – – – – – – – – – – – – – – – – – – –
– – – – – – – – – – – – – – – – – – – – – – – – – – – – – – – – –
– – – – – – – – – – – – – – – – – – – – – – – – – – – – – – – – –
– – – – – – – – – – – – – – – – – – – – – – – – – – – – – – – – –
– – – – – – – – – – – – – – – – – – – – – – – – – – – – – – – – –
– – – – – – – – – – – – – – – – – – – – – – – – – – – – – – – – –
– – – – – – – – – – – – – – – – – – – – – – – – – – – – – – – – –
– – – – – – – – – – – – – – – – – – – – – – – – – – – – – – – – –
– – – – – – – – – – – – – – – – – – – – – – – – – – – – – – – – –
– – – – – – – – – – – – – – – – – – – – – – – – – – – – – – – – –
– – – – – – – – – – – – – – – – – – – – – – – – – – – – – – – – –
– – – – – – – – – – – – – – – – – – – – – – – – – – – – – – – – –
– – – – – – – – – – – – – – – – – – – – – – – – – – – – – – – – –
– – – – – – – – – – – – – – – – – – – – – – – – – – – – – – – – –
– – – – – – – – – – – – – – – – – – – – – – – – – – – – – – – – –
– – – – – – – – – – – – – – – – – – – – – – – – – – – – – – – – –
– – – – – – – – – – – – – – – – – – – – – – – – – – – – – – – – –
– – – – – – – – – – – – – – – – – – – – – – – – – – – – – – – – –
– – – – – – – – – – – – – – – – – – – – – – – – – – – – – – – – –
– – – – – – – – – – – – – – – – – – – – – – – – – – – – – – – – –
– – – – – – – – – – – – – – – – – – – – – – – – – – – – – – – – –
– – – – – – – – – – – – – – – – – – – – – – – – – – – – – – – – –
– – – – – – – – – – – – – – – – – – – – – – – – – – – – – – – – –
– – – – – – – – – – – – – – – – – – – – – – – – – – – – – – – – –
– – – – – – – – – – – – – – – – – – – – – – – – – – – – – – – – –
– – – – – – – – – – – – – – – – – – – – – – – – – – – – – – – – –
– – – – – – – – – – – – – – – – – – – – – – – – – – – – – – – – –
– – – – – – – – – – – – – – – – – – – – – – – – – – – – – – – – –
– – – – – – – – – – – – – – – – – – – – – – – – – – – – – – – – –
– – – – – – – – – – – – – – – – – – – – – – – – – – – – – – – – –
– – – – – – – – – – – – – – – – – – – – – – – – – – – – – – – – –
– – – – – – – – – – – – – – – – – – – – – – – – – – – – – – – – –
– – – – – – – – – – – – – – – – – – – – – – – – – – – – – – – – –
– – – – – – – – – – – – – – – – – – – – – – – – – – – – – – – – –
– – – – – – – – – – – – – – – – – – – – – – – – – – – – – – – – –
– – – – – – – – – – – – – – – – – – – – – – – – – – – – – – – – –
– – – – – – – – – – – – – – – – – – – – – – – – – – – – – – – – –
– – – – – – – – – – – – – – – – – – – – – – – – – – – – – – – – –
– – – – – – – – – – – – – – – – – – – – – – – – – – – – – – – – –
– – – – – – – – – – – – – – – – – – – – – – – – – – – – – – – – –
– – – – – – – – – – – – – – – – – – – – – – – – – – – – – – – – –
– – – – – – – – – – – – – – – – – – – – – – – – – – – – – – – – –
– – – – – – – – – – – – – – – – – – – – – – – – – – – – – – – – –
– – – – – – – – – – – – – – – – – – – – – – – – – – – – – – – – –
– – – – – – – – – – – – – – – – – – – – – – – – – – – – – – – – –
– – – – – – – – – – – – – – – – – – – – – – – – – – – – – – – – –
– – – – – – – – – – – – – – – – – – – – – – – – – – – – – – – – –
– – – – – – – – – – – – – – – – – – – – – – – – – – – – – – – – –
– – – – – – – – – – – – – – – – – – – – – – – – – – – – – – – – –
– – – – – – – – – – – – – – – – – – – – – – – – – – – – – – – – –
– – – – – – – – – – – – – – – – – – – – – – – – – – – – – – – – –
– – – – – – – – – – – – – – – – – – – – – – – – – – – – – – – – –
– – – – – – – – – – – – – – – – – – – – – – – – – – – – – – – – –
– – – – – – – – – – – – – – – – – – – – – – – – – – – – – – – – –
– – – – – – – – – – – – – – – – – – – – – – – – – – – – – – – – –
– – – – – – – – – – – – – – – – – – – – – – – – – – – – – – – – –
– – – – – – – – – – – – – – – – – – – – – – – – – – – – – – – – –
– – – – – – – – – – – – – – – – – – – – – – – – – – – – – – – – –
– – – – – – – – – – – – – – – – – – – – – – – – – – – – – – – – –
– – – – – – – – – – – – – – – – – – – – – – – – – – – – – – – – –
– – – – – – – – – – – – – – – – – – – – – – – – – – – – – – – – –
– – – – – – – – – – – – – – – – – – – – – – – – – – – – – – – – –
– – – – – – – – – – – – – – – – – – – – – – – – – – – – – – – – –
– – – – – – – – – – – – – – – – – – – – – – – – – – – – – – – – –
– – – – – – – – – – – – – – – – – – – – – – – – – – – – – – – – –
– – – – – – – – – – – – – – – – – – – – – – – – – – – – – – – – –
– – – – – – – – – – – – – – – – – – – – – – – – – – – – – – – – –
– – – – – – – – – – – – – – – – – – – – – – – – – – – – – – – – –
– – – – – – – – – – – – – – – – – – – – – – – – – – – – – – – – –
– – – – – – – – – – – – – – – – – – – – – – – – – – – – – – – – –
– – – – – – – – – – – – – – – – – – – – – – – – – – – – – – – – –
– – – – – – – – – – – – – – – – – – – – – – – – – – – – – – – – –
– – – – – – – – – – – – – – – – – – – – – – – – – – – – – – – – –
– – – – – – – – – – – – – – – – – – – – – – – – – – – – – – – – –
– – – – – – – – – – – – – – – – – – – – – – – – – – – – – – – – –
– – – – – – – – – – – – – – – – – – – – – – – – – – – – – – – – –
– – – – – – – – – – – – – – – – – – – – – – – – – – – – – – – – –
– – – – – – – – – – – – – – – – – – – – – – – – – – – – – – – – –
– – – – – – – – – – – – – – – – – – – – – – – – – – – – – – – – –
– – – – – – – – – – – – – – – – – – – – – – – – – – – – – – – – –
RUGBY.

Watsonians v. Edinburgh Academicals. — This match, which practically decides the Scottish championship, was played at Myreside on Saturday.

– – – – – – – – – – – – – – – – – – – – – – – – – – – – – – – – –
– – – – – – – – – – – – – – – – – – – – – – – – – – – – – – – – –
– – – – – – – – – – – – – – – – – – – – – – – – – – – – – – – – –
– – – – – – – – – – – – – – – – – – – – – – – – – – – – – – – – –
– – – – – – – – – – – – – – – – – – – – – – – – – – – – – – – – –
– – – – – – – – – – – – – – – – – – – – – – – – – – – – – – – – –
– – – – – – – – – – – – – – – – – – – – – – – – – – – – – – – – –
– – – – – – – – – – – – – – – – – – – – – – – – – – – – – – – – –
– – – – – – – – – – – – – – – – – – – – – – – – – – – – – – – – –
– – – – – – – – – – – – – – – – – – – – – – – – – – – – – – – – –
– – – – – – – – – – – – – – – – – – – – – – – – – – – – – – – – –
– – – – – – – – – – – – – – – – – – – – – – – – – – – – – – – – –
– – – – – – – – – – – – – – – – – – – – – – – – – – – – – – – – –
– – – – – – – – – – – – – – – – – – – – – – – – – – – – – – – – –
– – – – – – – – – – – – – – – – – – – – – – – – – – – – – – – – –
– – – – – – – – – – – – – – – – – – – – – – – – – – – – – – – – –
– – – – – – – – – – – – – – – – – – – – – – – – – – – – – – – – –
– – – – – – – – – – – – – – – – – – – – – – – – – – – – – – – – –
– – – – – – – – – – – – – – – – – – – – – – – – – – – – – – – – –
– – – – – – – – – – – – – – – – – – – – – – – – – – – – – – – – –
– – – – – – – – – – – – – – – – – – – – – – – – – – – – – – – – –
– – – – – – – – – – – – – – – – – – – – – – – – – – – – – – – – –
– – – – – – – – – – – – – – – – – – – – – – – – – – – – – – – – –
– – – – – – – – – – – – – – – – – – – – – – – – – – – – – – – – –
– – – – – – – – – – – – – – – – – – – – – – – – – – – – – – – – –
– – – – – – – – – – – – – – – – – – – – – – – – – – – – – – – – –
– – – – – – – – – – – – – – – – – – – – – – – – – – – – – – – – –
– – – – – – – – – – – – – – – – – – – – – – – – – – – – – – – – –
– – – – – – – – – – – – – – – – – – – – – – – – – – – – – – – – –
– – – – – – – – – – – – – – – – – – – – – – – – – – – – – – – – –
– – – – – – – – – – – – – – – – – – – – – – – – – – – – – – – – –
– – – – – – – – – – – – – – – – – – – – – – – – – – – – – – – – –
– – – – – – – – – – – – – – – – – – – – – – – – – – – – – – – – –
– – – – – – – – – – – – – – – – – – – – – – – – – – – – – – – – –
– – – – – – – – – – – – – – – – – – – – – – – – – – – – – – – – –
– – – – – – – – – – – – – – – – – – – – – – – – – – – – – – – – –
– – – – – – – – – – – – – – – – – – – – – – – – – – – – – – – – –
– – – – – – – – – – – – – – – – – – – – – – – – – – – – – – – – –
– – – – – – – – – – – – – – – – – – – – – – – – – – – – – – – – –
– – – – – – – – – – – – – – – – – – – – – – – – – – – – – – – – –
– – – – – – – – – – – – – – – – – – – – – – – – – – – – – – – – –
– – – – – – – – – – – – – – – – – – – – – – – – – – – – – – – – –
– – – – – – – – – – – – – – – – – – – – – – – – – – – – – – – – –
– – – – – – – – – – – – – – – – – – – – – – – – – – – – – – – – –
– – – – – – – – – – – – – – – – – – – – – – – – – – – – – – – – –
– – – – – – – – – – – – – – – – – – – – – – – – – – – – – – – – –
– – – – – – – – – – – – – – – – – – – – – – – – – – – – – – – – –
– – – – – – – – – – – – – – – – – – – – – – – – – – – – – – – – –
– – – – – – – – – – – – – – – – – – – – – – – – – – – – – – – – –
– – – – – – – – – – – – – – – – – – – – – – – – – – – – – – – – –
– – – – – – – – – – – – – – – – – – – – – – – – – – – – – – – – –
– – – – – – – – – – – – – – – – – – – – – – – – – – – – – – – – –
– – – – – – – – – – – – – – – – – – – – – – – – – – – – – – – – –
– – – – – – – – – – – – – – – – – – – – – – – – – – – – – – – – –
– – – – – – – – – – – – – – – – – – – – – – – – – – – – – – – – –
– – – – – – – – – – – – – – – – – – – – – – – – – – – – – – – – –
– – – – – – – – – – – – – – – – – – – – – – – – – – – – – – – – –
– – – – – – – – – – – – – – – – – – – – – – – – – – – – – – – – –
– – – – – – – – – – – – – – – – – – – – – – – – – – – – – – – – –
– – – – – – – – – – – – – – – – – – – – – – – – – – – – – – – – –
– – – – – – – – – – – – – – – – – – – – – – – – – – – – – – – – –
– – – – – – – – – – – – – – – – – – – – – – – – – – – – – – – – –
– – – – – – – – – – – – – – – – – – – – – – – – – – – – – – – – –
– – – – – – – – – – – – – – – – – – – – – – – – – – – – – – – – –
– – – – – – – – – – – – – – – – – – – – – – – – – – – – – – – – –
GYMNASTICS.

Aberdeen Gymnastic Club Championship Competition. — The Aberdeen Gymnastic Club have held competitions for the championship of the club.

– – – – – – – – – – – – – – – – – – – – – – – – – – – – – – – – –
– – – – – – – – – – – – – – – – – – – – – – – – – – – – – – – – –
– – – – – – – – – – – – – – – – – – – – – – – – – – – – – – – – –
– – – – – – – – – – – – – – – – – – – – – – – – – – – – – – – – –
– – – – – – – – – – – – – – – – – – – – – – – – – – – – – – – – –
– – – – – – – – – – – – – – – – – – – – – – – – – – – – – – – – –
– – – – – – – – – – – – – – – – – – – – – – – – – – – – – – – – –
– – – – – – – – – – – – – – – – – – – – – – – – – – – – – – – – –
– – – – – – – – – – – – – – – – – – – – – – – – – – – – – – – – –
– – – – – – – – – – – – – – – – – – – – – – – – – – – – – – – – –
– – – – – – – – – – – – – – – – – – – – – – – – – – – – – – – – –
– – – – – – – – – – – – – – – – – – – – – – – – – – – – – – – – –
– – – – – – – – – – – – – – – – – – – – – – – – – – – – – – – – –
– – – – – – – – – – – – – – – – – – – – – – – – – – – – – – – – –
– – – – – – – – – – – – – – – – – – – – – – – – – – – – – – – – –
– – – – – – – – – – – – – – – – – – – – – – – – – – – – – – – – –
– – – – – – – – – – – – – – – – – – – – – – – – – – – – – – – – –
– – – – – – – – – – – – – – – – – – – – – – – – – – – – – – – – –
CRICKET.
LOCHEE UNITED FIXTURES.

May 4 — Forfarshire, at Forthill.

May 11 — Strathmore, at Coupar Angus.

May 18 — Arbroath United, at Lochee.

May 25 — Dundee Wanderers, at Lochee.

June 1 — Perthshire, at North Inch.

June 8 — Brechin, at Lochee.

June 15 — Montrose, at Montrose.

June 22 — Forfarshire, at Lochee.

June 29 — Kirkcaldy, at Kirkcaldy.

July 6 — Dunfermline, at Lochee.

July 13 — Strathmore, at Lochee.

July 20 — Arbroath United, at Arbroath.

OUTGOING AMERICAN MAILS.

Letters mailed in Dundee before the hours stated will be forwarded by the mail steamers named.

Date	Steamer	Departs	For
Tuesday	Teutonic	4.30 p.m.	New York
Wednesday	Majestic	4.30 p.m.	New York
Saturday	Campania	4.30 p.m.	New York
